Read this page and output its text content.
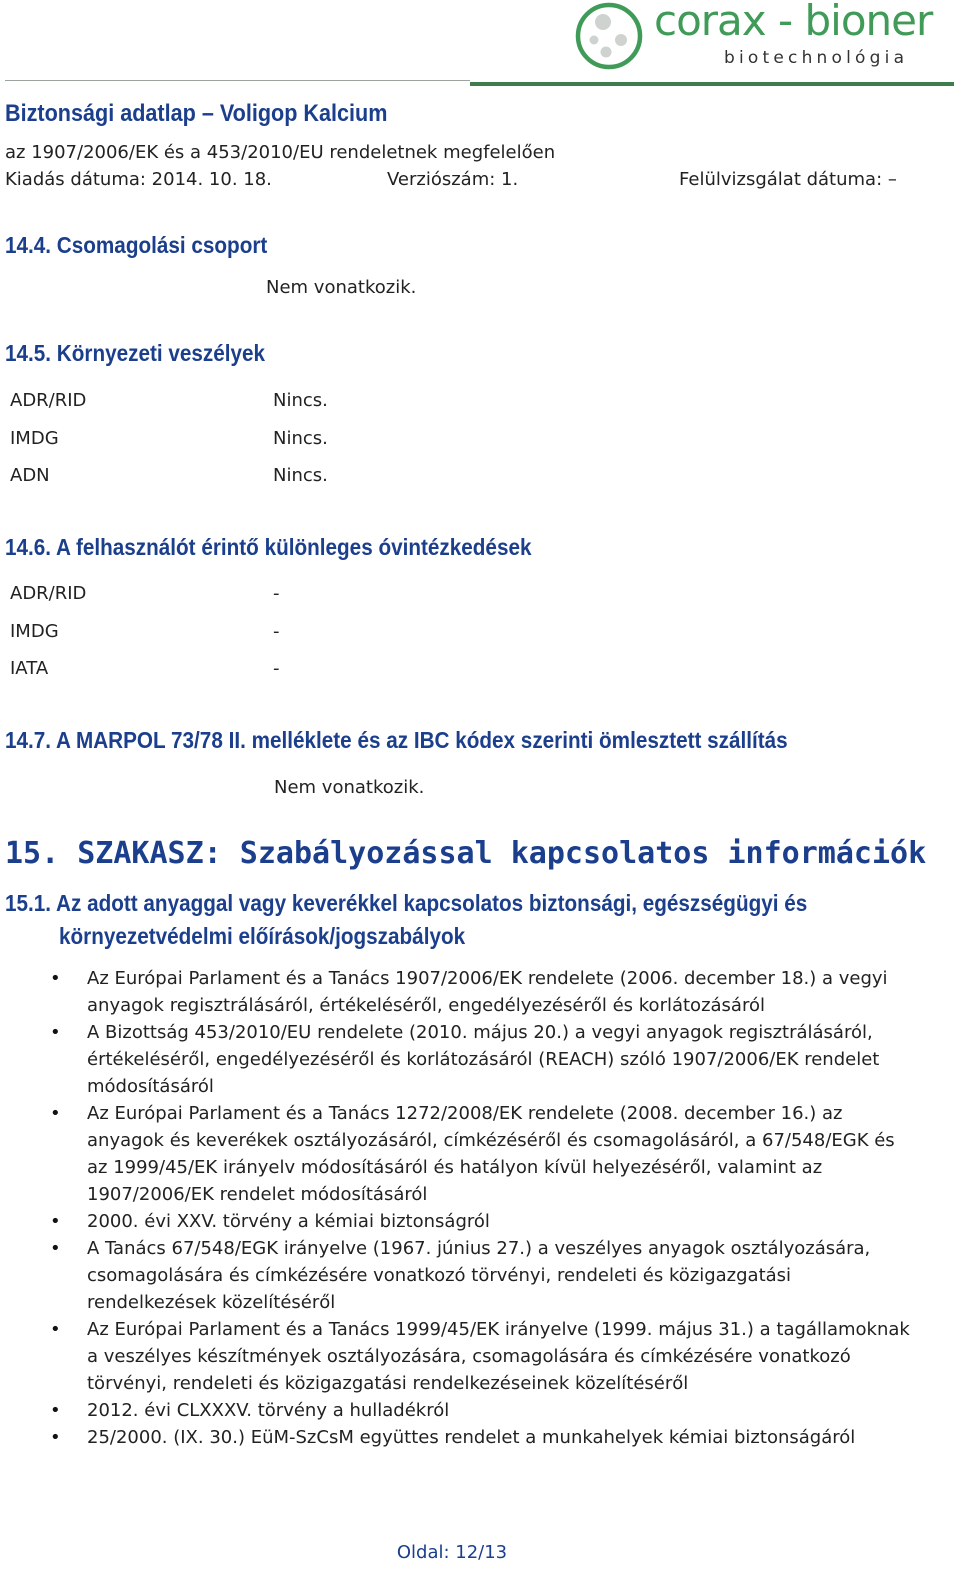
corax - bioner
biotechnológia
Biztonsági adatlap – Voligop Kalcium
az 1907/2006/EK és a 453/2010/EU rendeletnek megfelelően
Kiadás dátuma: 2014. 10. 18.	Verziószám: 1.	Felülvizsgálat dátuma: –
14.4. Csomagolási csoport
Nem vonatkozik.
14.5. Környezeti veszélyek
ADR/RID	Nincs.
IMDG	Nincs.
ADN	Nincs.
14.6. A felhasználót érintő különleges óvintézkedések
ADR/RID	-
IMDG	-
IATA	-
14.7. A MARPOL 73/78 II. melléklete és az IBC kódex szerinti ömlesztett szállítás
Nem vonatkozik.
15. SZAKASZ: Szabályozással kapcsolatos információk
15.1. Az adott anyaggal vagy keverékkel kapcsolatos biztonsági, egészségügyi és
környezetvédelmi előírások/jogszabályok
• Az Európai Parlament és a Tanács 1907/2006/EK rendelete (2006. december 18.) a vegyi anyagok regisztrálásáról, értékeléséről, engedélyezéséről és korlátozásáról
• A Bizottság 453/2010/EU rendelete (2010. május 20.) a vegyi anyagok regisztrálásáról, értékeléséről, engedélyezéséről és korlátozásáról (REACH) szóló 1907/2006/EK rendelet módosításáról
• Az Európai Parlament és a Tanács 1272/2008/EK rendelete (2008. december 16.) az anyagok és keverékek osztályozásáról, címkézéséről és csomagolásáról, a 67/548/EGK és az 1999/45/EK irányelv módosításáról és hatályon kívül helyezéséről, valamint az 1907/2006/EK rendelet módosításáról
• 2000. évi XXV. törvény a kémiai biztonságról
• A Tanács 67/548/EGK irányelve (1967. június 27.) a veszélyes anyagok osztályozására, csomagolására és címkézésére vonatkozó törvényi, rendeleti és közigazgatási rendelkezések közelítéséről
• Az Európai Parlament és a Tanács 1999/45/EK irányelve (1999. május 31.) a tagállamoknak a veszélyes készítmények osztályozására, csomagolására és címkézésére vonatkozó törvényi, rendeleti és közigazgatási rendelkezéseinek közelítéséről
• 2012. évi CLXXXV. törvény a hulladékról
• 25/2000. (IX. 30.) EüM-SzCsM együttes rendelet a munkahelyek kémiai biztonságáról
Oldal: 12/13
